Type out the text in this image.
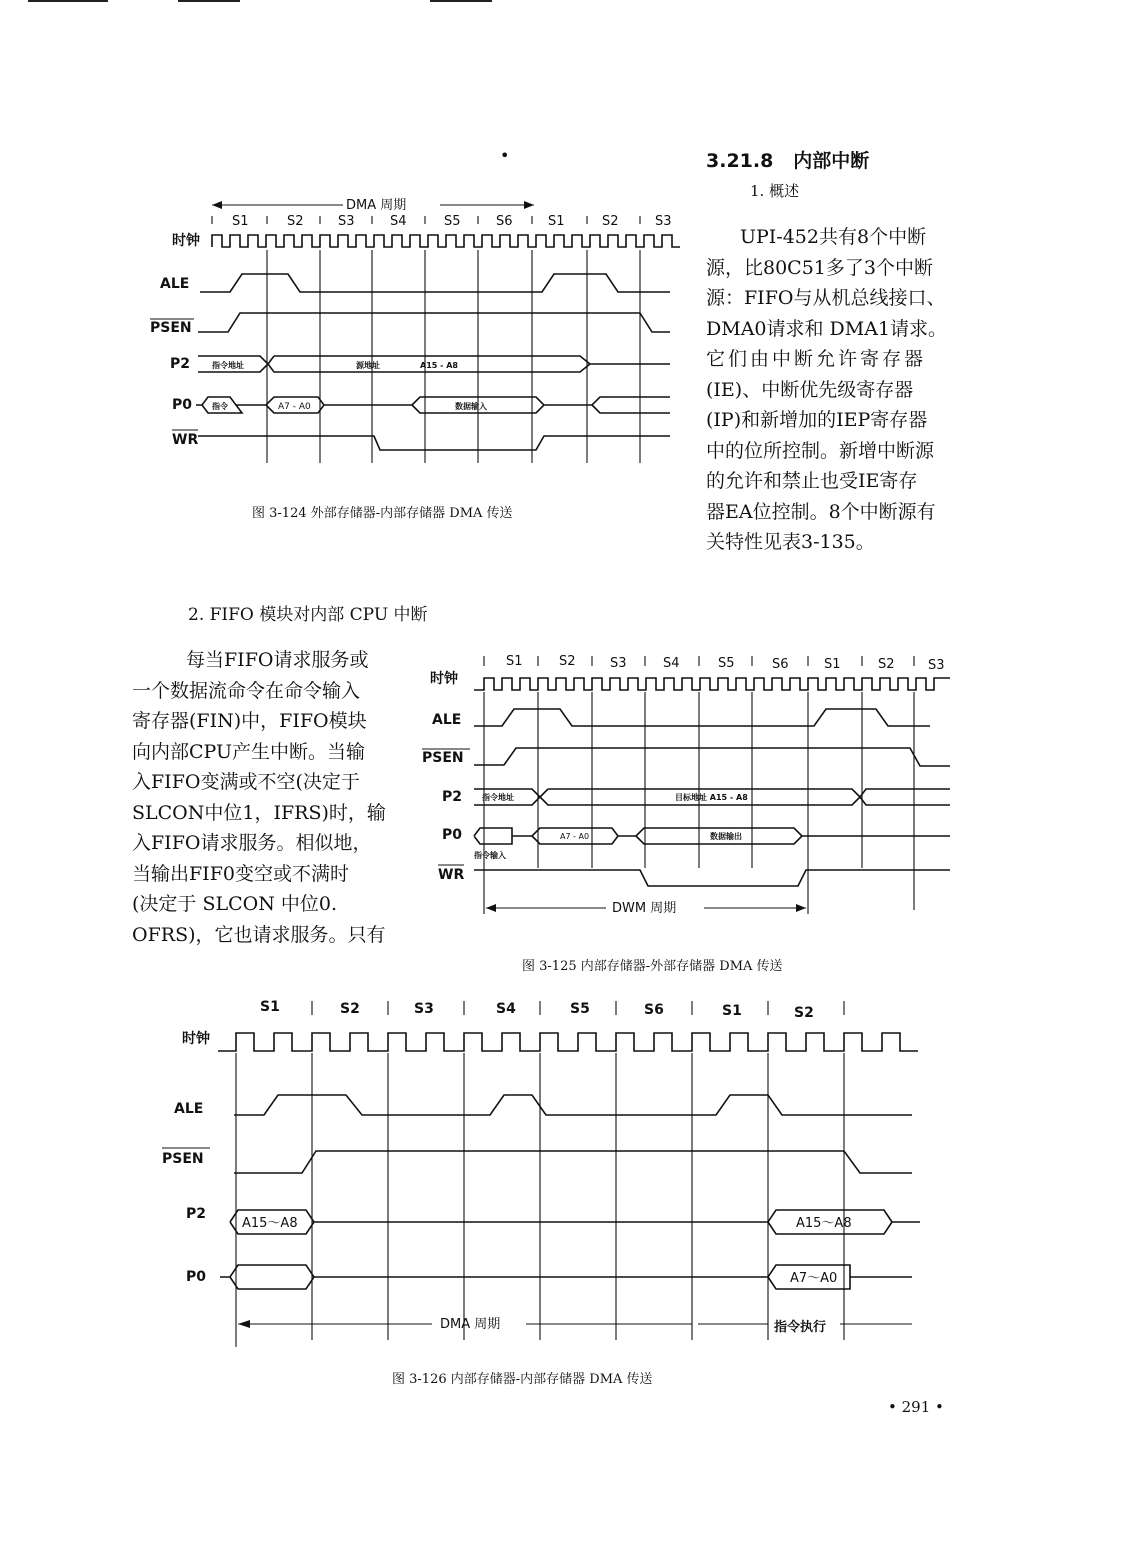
•	3.21.8 内部中断
1. 概述
UPI-452共有8个中断
源，比80C51多了3个中断
源：FIFO与从机总线接口、
DMA0请求和 DMA1请求。
它们由中断允许寄存器
(IE)、中断优先级寄存器
(IP)和新增加的IEP寄存器
中的位所控制。新增中断源
的允许和禁止也受IE寄存
器EA位控制。8个中断源有
关特性见表3-135。
2. FIFO 模块对内部 CPU 中断
每当FIFO请求服务或
一个数据流命令在命令输入
寄存器(FIN)中，FIFO模块
向内部CPU产生中断。当输
入FIFO变满或不空(决定于
SLCON中位1，IFRS)时，输
入FIFO请求服务。相似地，
当输出FIF0变空或不满时
(决定于 SLCON 中位0.
OFRS)，它也请求服务。只有
DMA 周期
S1	S2	S3	S4	S5	S6	S1	S2	S3
时钟
ALE
PSEN
P2
P0
WR
指令地址	源地址	A15 - A8
指令	A7 - A0	数据输入
图 3-124 外部存储器-内部存储器 DMA 传送
S1	S2	S3	S4	S5	S6	S1	S2	S3
时钟
ALE
PSEN
P2
P0
WR
指令地址	目标地址 A15 - A8
A7 - A0	数据输出
指令输入
DWM 周期
图 3-125 内部存储器-外部存储器 DMA 传送
S1	S2	S3	S4	S5	S6	S1	S2
时钟
ALE
PSEN
P2
P0
A15～A8	A15～A8
A7～A0
DMA 周期	指令执行
图 3-126 内部存储器-内部存储器 DMA 传送
• 291 •
